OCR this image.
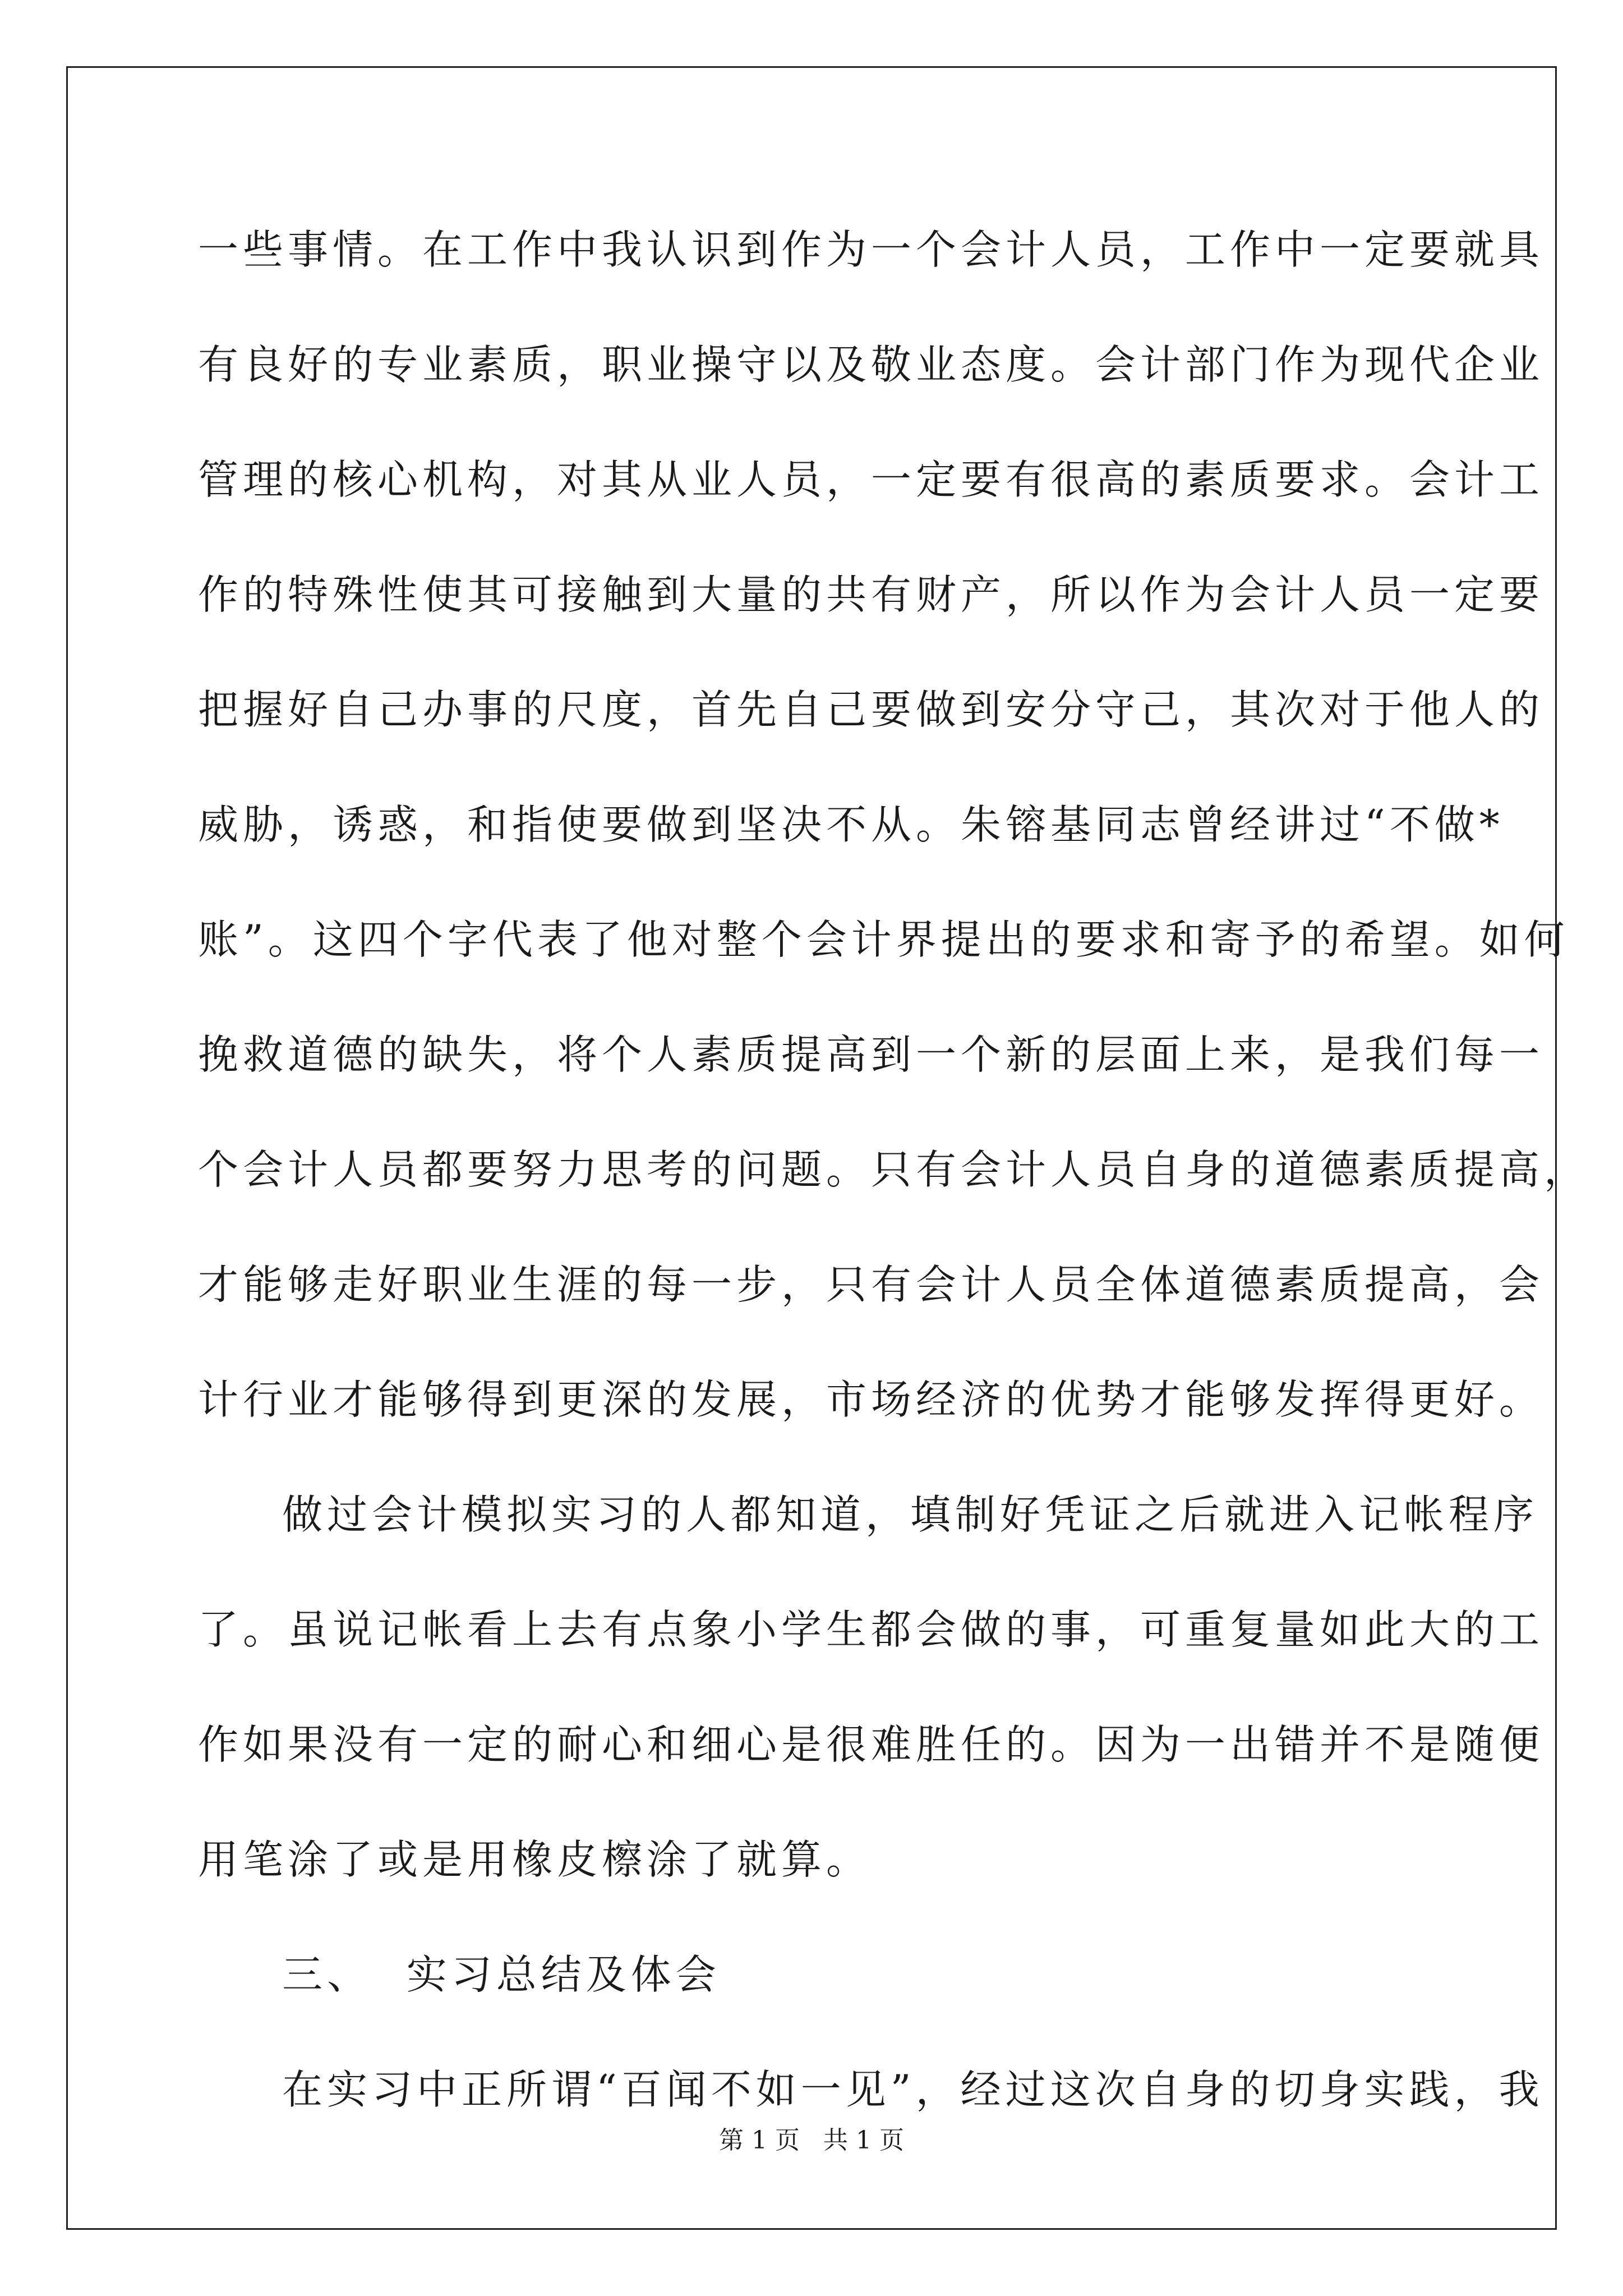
一些事情。在工作中我认识到作为一个会计人员，工作中一定要就具
有良好的专业素质，职业操守以及敬业态度。会计部门作为现代企业
管理的核心机构，对其从业人员，一定要有很高的素质要求。会计工
作的特殊性使其可接触到大量的共有财产，所以作为会计人员一定要
把握好自己办事的尺度，首先自己要做到安分守己，其次对于他人的
威胁，诱惑，和指使要做到坚决不从。朱镕基同志曾经讲过“不做*
账”。这四个字代表了他对整个会计界提出的要求和寄予的希望。如何
挽救道德的缺失，将个人素质提高到一个新的层面上来，是我们每一
个会计人员都要努力思考的问题。只有会计人员自身的道德素质提高，
才能够走好职业生涯的每一步，只有会计人员全体道德素质提高，会
计行业才能够得到更深的发展，市场经济的优势才能够发挥得更好。
做过会计模拟实习的人都知道，填制好凭证之后就进入记帐程序
了。虽说记帐看上去有点象小学生都会做的事，可重复量如此大的工
作如果没有一定的耐心和细心是很难胜任的。因为一出错并不是随便
用笔涂了或是用橡皮檫涂了就算。
三、  实习总结及体会
在实习中正所谓“百闻不如一见”，经过这次自身的切身实践，我
第 1 页   共 1 页
